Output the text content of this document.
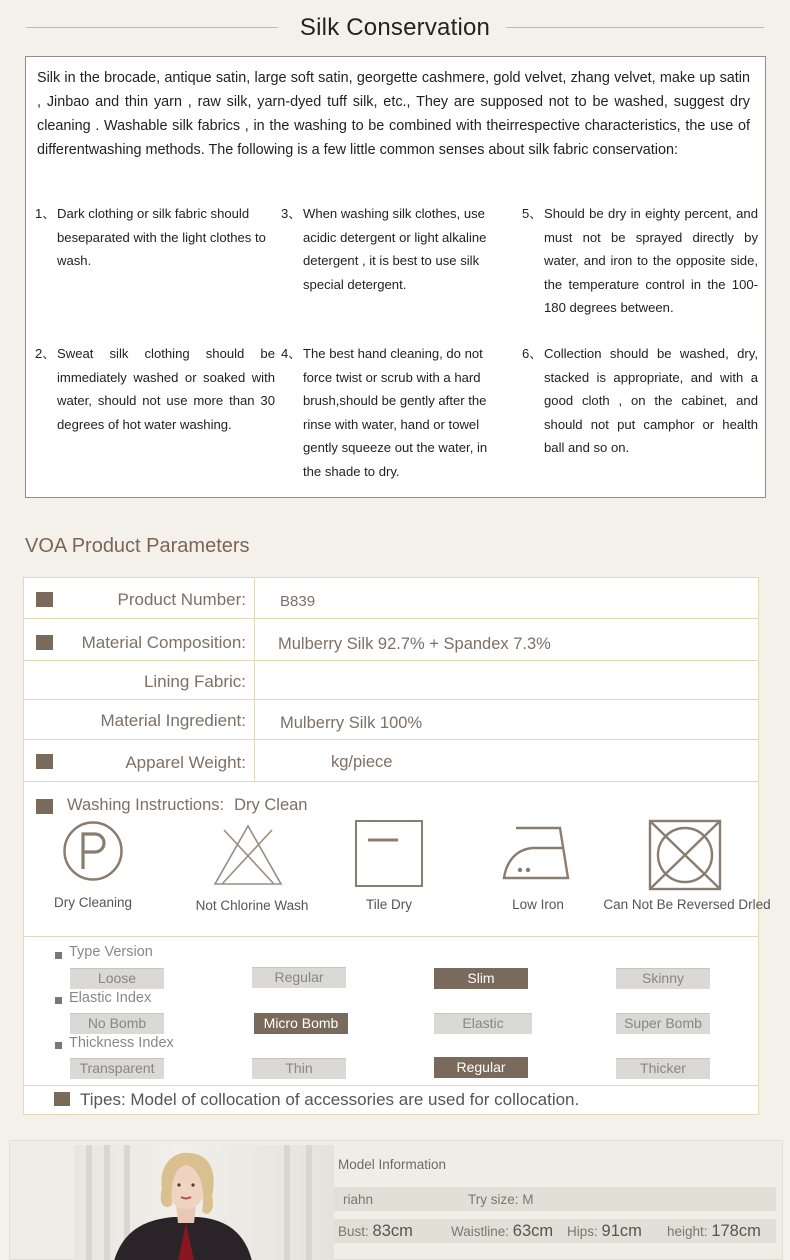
Silk Conservation

Silk in the brocade, antique satin, large soft satin, georgette cashmere, gold velvet, zhang velvet, make up satin , Jinbao and thin yarn , raw silk, yarn-dyed tuff silk, etc., They are supposed not to be washed, suggest dry cleaning . Washable silk fabrics , in the washing to be combined with theirrespective characteristics, the use of differentwashing methods. The following is a few little common senses about silk fabric conservation:

1、 Dark clothing or silk fabric should beseparated with the light clothes to wash.
2、 Sweat silk clothing should be immediately washed or soaked with water, should not use more than 30 degrees of hot water washing.
3、 When washing silk clothes, use acidic detergent or light alkaline detergent , it is best to use silk special detergent.
4、 The best hand cleaning, do not force twist or scrub with a hard brush,should be gently after the rinse with water, hand or towel gently squeeze out the water, in the shade to dry.
5、 Should be dry in eighty percent, and must not be sprayed directly by water, and iron to the opposite side, the temperature control in the 100-180 degrees between.
6、 Collection should be washed, dry, stacked is appropriate, and with a good cloth , on the cabinet, and should not put camphor or health ball and so on.
VOA Product Parameters
Product Number: B839
Material Composition: Mulberry Silk 92.7% + Spandex 7.3%
Lining Fabric:
Material Ingredient: Mulberry Silk 100%
Apparel Weight:	kg/piece
Washing Instructions: Dry Clean
Dry Cleaning	Not Chlorine Wash	Tile Dry	Low Iron	Can Not Be Reversed Drled
Type Version
Loose	Regular	Slim	Skinny
Elastic Index
No Bomb	Micro Bomb	Elastic	Super Bomb
Thickness Index
Transparent	Thin	Regular	Thicker
Tipes: Model of collocation of accessories are used for collocation.
Model Information
riahn	Try size: M
Bust: 83cm	Waistline: 63cm Hips: 91cm height: 178cm
